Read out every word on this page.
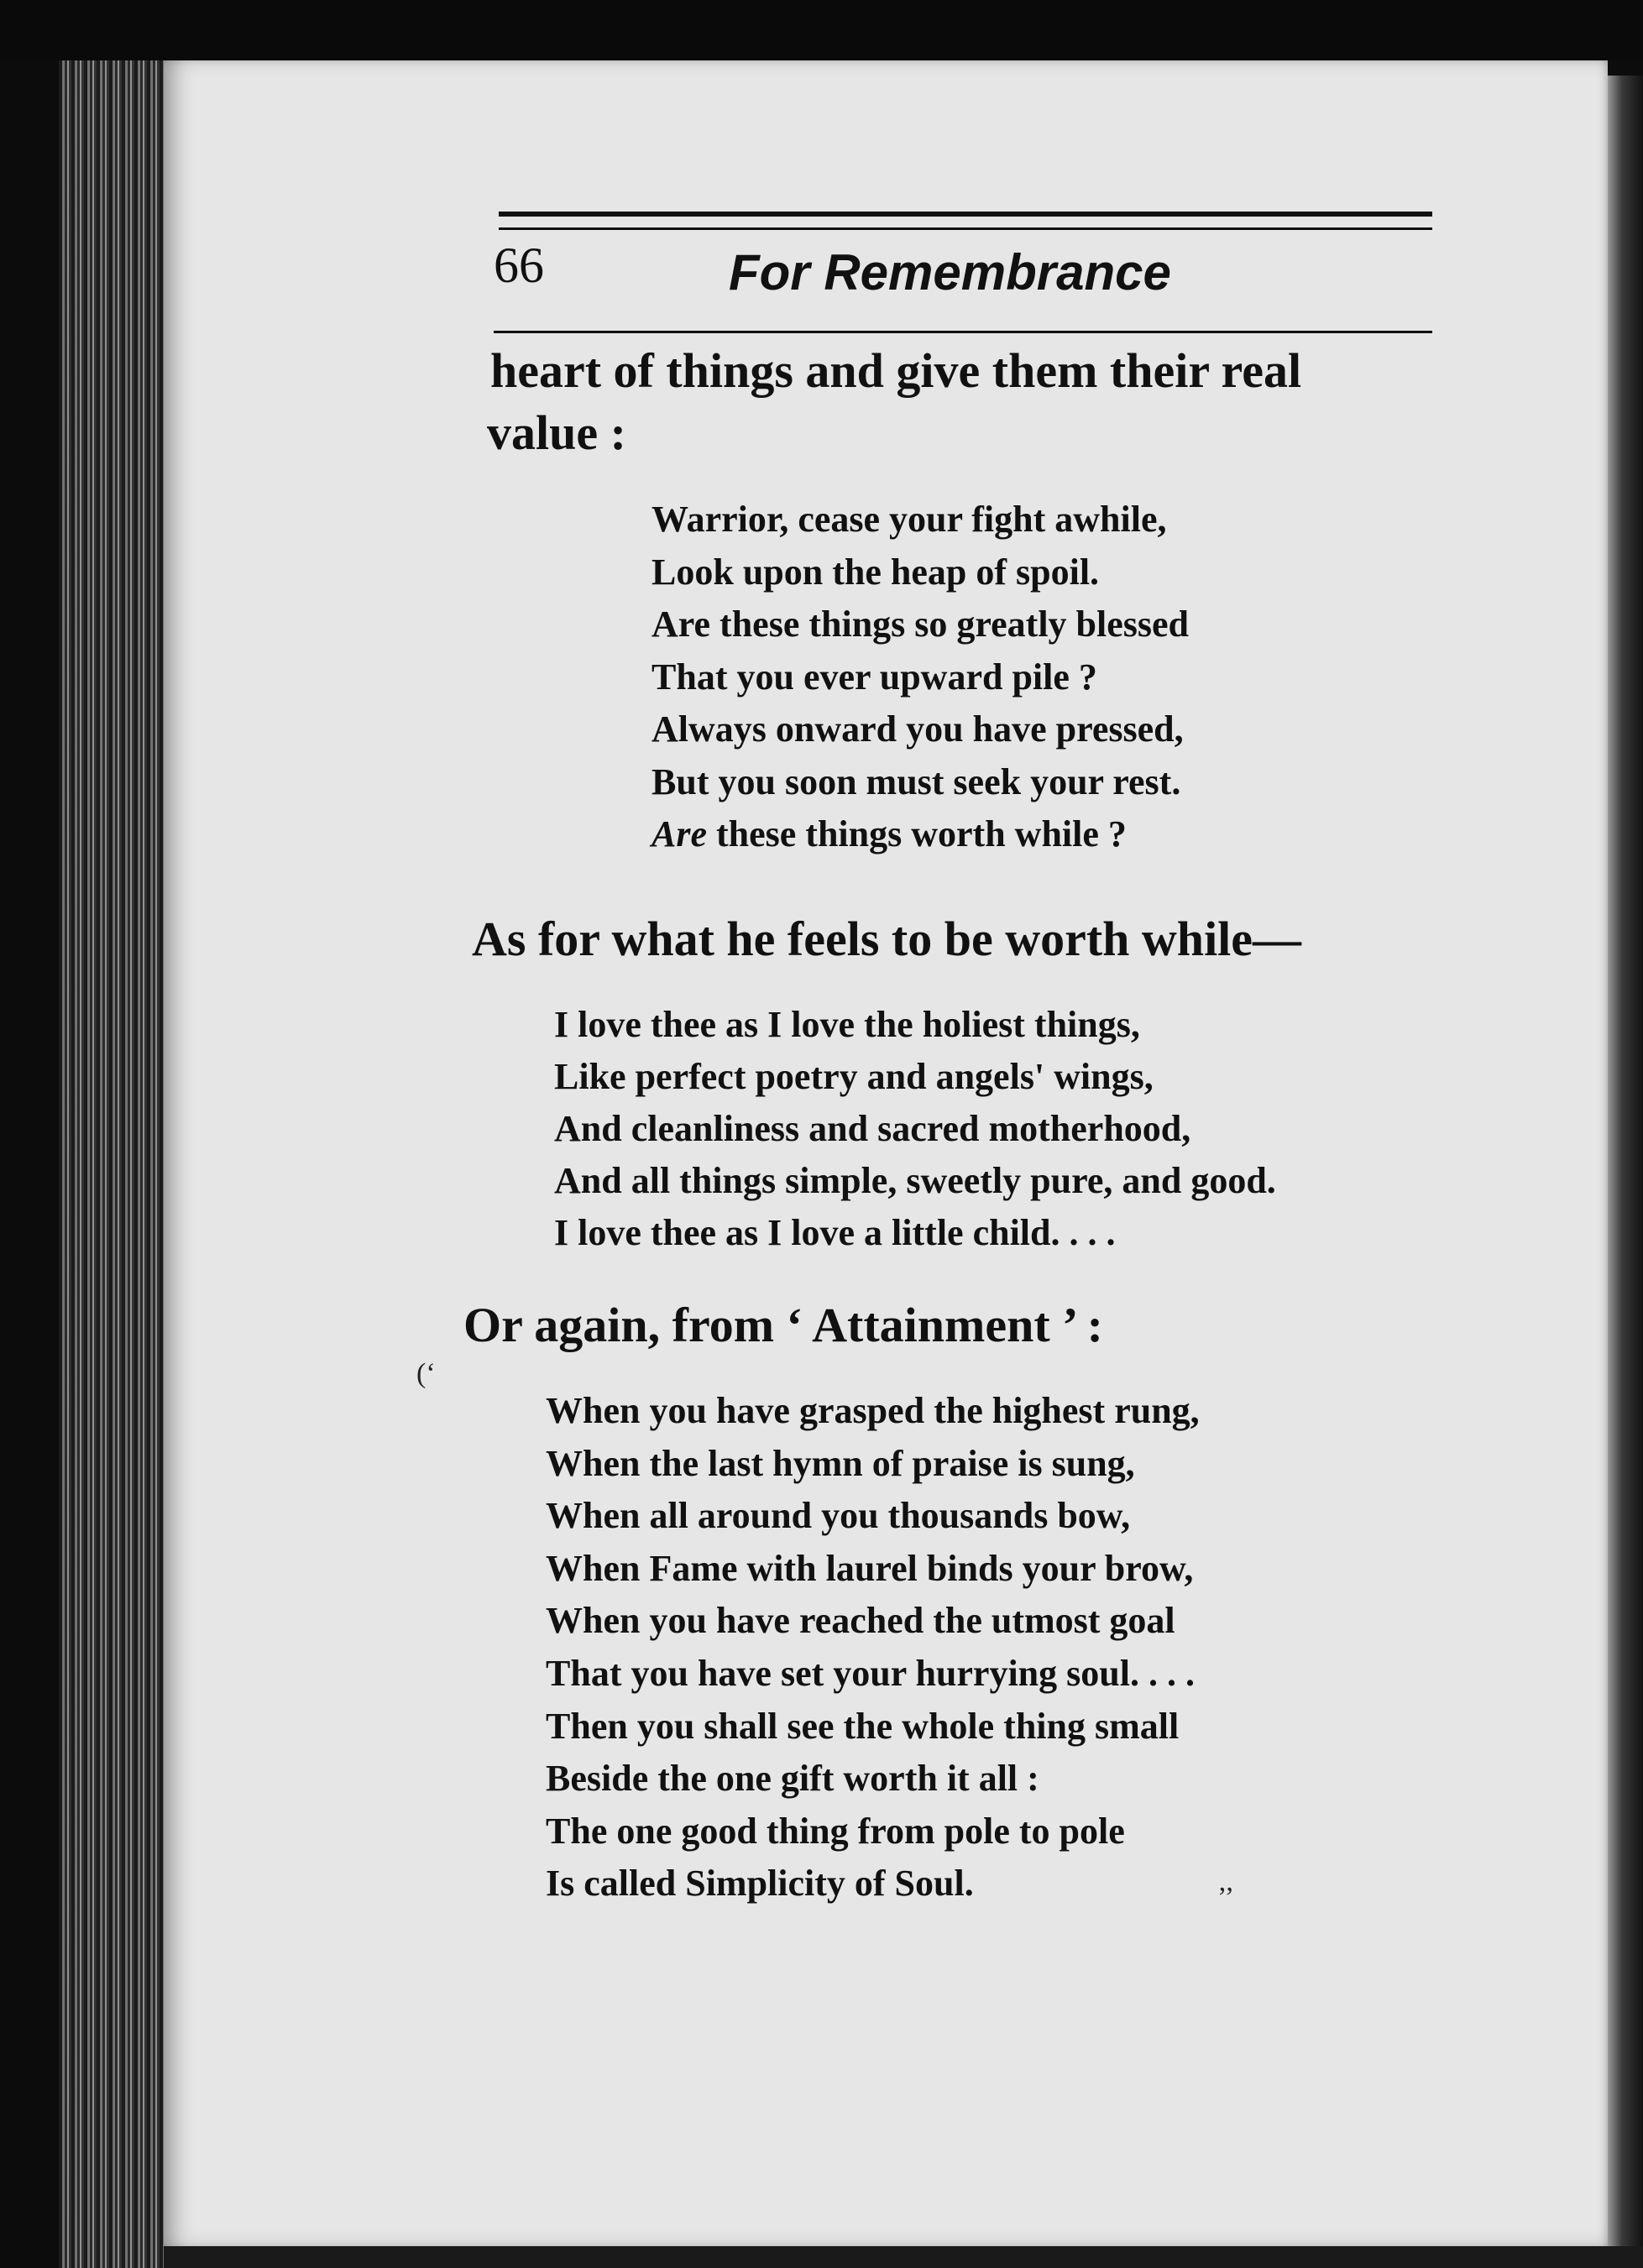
66	For Remembrance

heart of things and give them their real

value :

Warrior, cease your fight awhile,
Look upon the heap of spoil.
Are these things so greatly blessed
That you ever upward pile ?
Always onward you have pressed,
But you soon must seek your rest.
Are these things worth while ?

As for what he feels to be worth while—

I love thee as I love the holiest things,
Like perfect poetry and angels' wings,
And cleanliness and sacred motherhood,
And all things simple, sweetly pure, and good.
I love thee as I love a little child. . . .

Or again, from ‘ Attainment ’ :

(‘
When you have grasped the highest rung,
When the last hymn of praise is sung,
When all around you thousands bow,
When Fame with laurel binds your brow,
When you have reached the utmost goal
That you have set your hurrying soul. . . .
Then you shall see the whole thing small
Beside the one gift worth it all :
The one good thing from pole to pole
Is called Simplicity of Soul.	’’
